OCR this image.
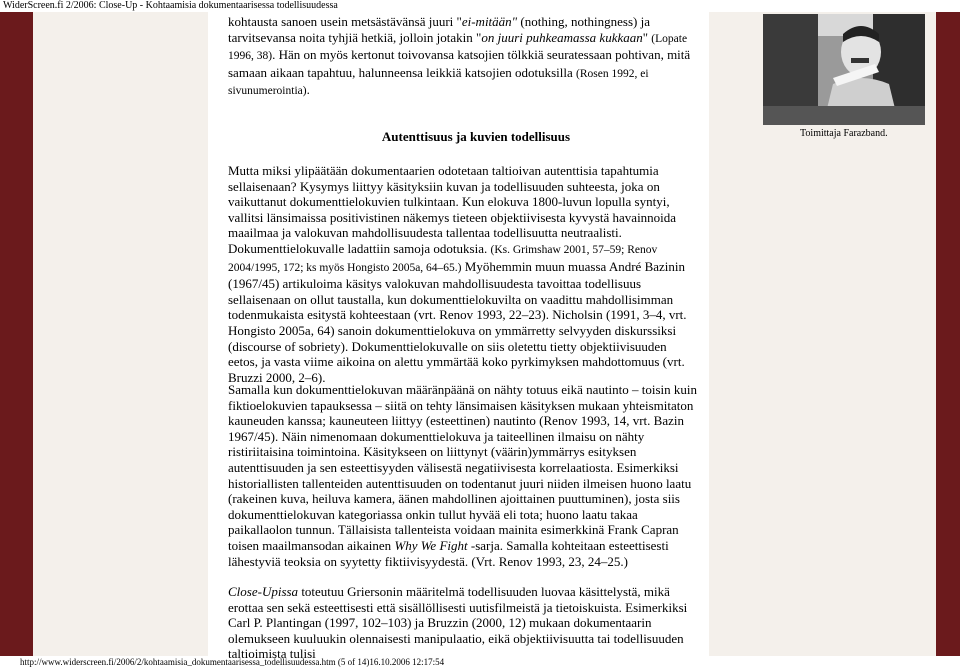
WiderScreen.fi 2/2006: Close-Up - Kohtaamisia dokumentaarisessa todellisuudessa
kohtausta sanoen usein metsästävänsä juuri "ei-mitään" (nothing, nothingness) ja tarvitsevansa noita tyhjiä hetkiä, jolloin jotakin "on juuri puhkeamassa kukkaan" (Lopate 1996, 38). Hän on myös kertonut toivovansa katsojien tölkkiä seuratessaan pohtivan, mitä samaan aikaan tapahtuu, halunneensa leikkiä katsojien odotuksilla (Rosen 1992, ei sivunumerointia).
Autenttisuus ja kuvien todellisuus
Mutta miksi ylipäätään dokumentaarien odotetaan taltioivan autenttisia tapahtumia sellaisenaan? Kysymys liittyy käsityksiin kuvan ja todellisuuden suhteesta, joka on vaikuttanut dokumenttielokuvien tulkintaan. Kun elokuva 1800-luvun lopulla syntyi, vallitsi länsimaissa positivistinen näkemys tieteen objektiivisesta kyvystä havainnoida maailmaa ja valokuvan mahdollisuudesta tallentaa todellisuutta neutraalisti. Dokumenttielokuvalle ladattiin samoja odotuksia. (Ks. Grimshaw 2001, 57–59; Renov 2004/1995, 172; ks myös Hongisto 2005a, 64–65.) Myöhemmin muun muassa André Bazinin (1967/45) artikuloima käsitys valokuvan mahdollisuudesta tavoittaa todellisuus sellaisenaan on ollut taustalla, kun dokumenttielokuvilta on vaadittu mahdollisimman todenmukaista esitystä kohteestaan (vrt. Renov 1993, 22–23). Nicholsin (1991, 3–4, vrt. Hongisto 2005a, 64) sanoin dokumenttielokuva on ymmärretty selvyyden diskurssiksi (discourse of sobriety). Dokumenttielokuvalle on siis oletettu tietty objektiivisuuden eetos, ja vasta viime aikoina on alettu ymmärtää koko pyrkimyksen mahdottomuus (vrt. Bruzzi 2000, 2–6).
Samalla kun dokumenttielokuvan määränpäänä on nähty totuus eikä nautinto – toisin kuin fiktioelokuvien tapauksessa – siitä on tehty länsimaisen käsityksen mukaan yhteismitaton kauneuden kanssa; kauneuteen liittyy (esteettinen) nautinto (Renov 1993, 14, vrt. Bazin 1967/45). Näin nimenomaan dokumenttielokuva ja taiteellinen ilmaisu on nähty ristiriitaisina toimintoina. Käsitykseen on liittynyt (väärin)ymmärrys esityksen autenttisuuden ja sen esteettisyyden välisestä negatiivisesta korrelaatiosta. Esimerkiksi historiallisten tallenteiden autenttisuuden on todentanut juuri niiden ilmeisen huono laatu (rakeinen kuva, heiluva kamera, äänen mahdollinen ajoittainen puuttuminen), josta siis dokumenttielokuvan kategoriassa onkin tullut hyvää eli tota; huono laatu takaa paikallaolon tunnun. Tällaisista tallenteista voidaan mainita esimerkkinä Frank Capran toisen maailmansodan aikainen Why We Fight -sarja. Samalla kohteitaan esteettisesti lähestyviä teoksia on syytetty fiktiivisyydestä. (Vrt. Renov 1993, 23, 24–25.)
Close-Upissa toteutuu Griersonin määritelmä todellisuuden luovaa käsittelystä, mikä erottaa sen sekä esteettisesti että sisällöllisesti uutisfilmeistä ja tietoiskuista. Esimerkiksi Carl P. Plantingan (1997, 102–103) ja Bruzzin (2000, 12) mukaan dokumentaarin olemukseen kuuluukin olennaisesti manipulaatio, eikä objektiivisuutta tai todellisuuden taltioimista tulisi
Toimittaja Farazband.
http://www.widerscreen.fi/2006/2/kohtaamisia_dokumentaarisessa_todellisuudessa.htm (5 of 14)16.10.2006 12:17:54
